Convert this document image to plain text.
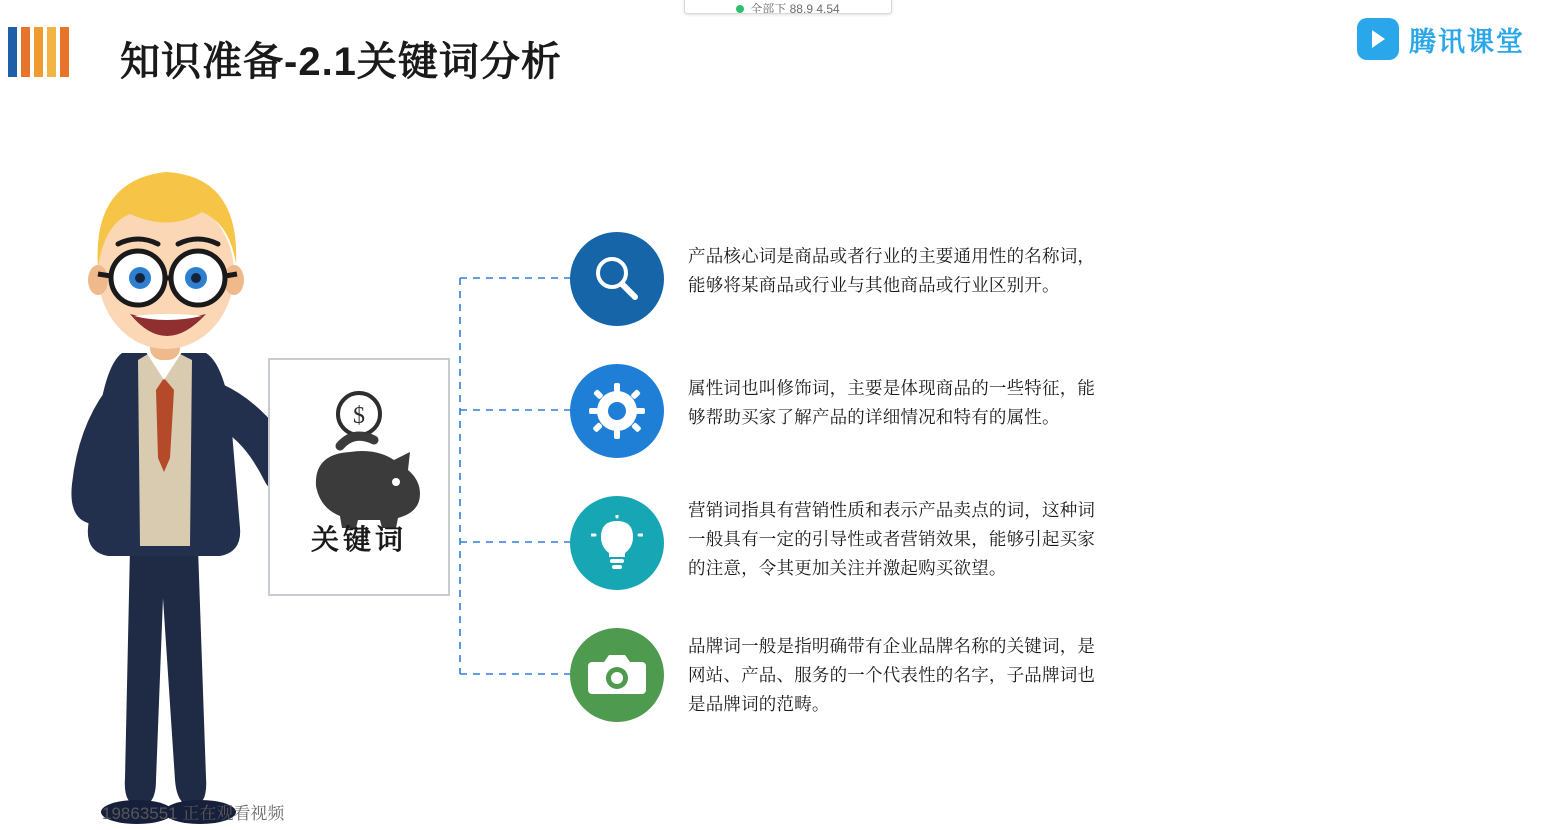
全部下 88.9 4.54
知识准备-2.1关键词分析	腾讯课堂
$
关键词
产品核心词是商品或者行业的主要通用性的名称词，能够将某商品或行业与其他商品或行业区别开。
属性词也叫修饰词，主要是体现商品的一些特征，能够帮助买家了解产品的详细情况和特有的属性。
营销词指具有营销性质和表示产品卖点的词，这种词一般具有一定的引导性或者营销效果，能够引起买家的注意，令其更加关注并激起购买欲望。
品牌词一般是指明确带有企业品牌名称的关键词，是网站、产品、服务的一个代表性的名字，子品牌词也是品牌词的范畴。
19863551 正在观看视频
